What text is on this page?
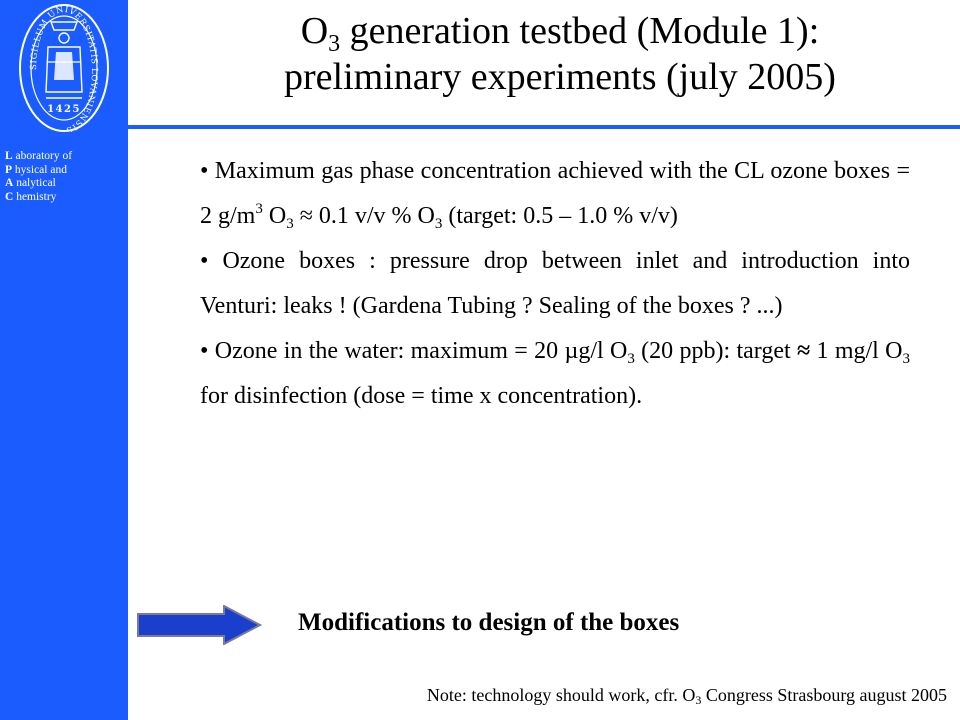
SIGILLUM UNIVERSITATIS LOVANIENSIS
1425
L aboratory of
P hysical and
A nalytical
C hemistry
$O_3$ generation testbed (Module 1):
preliminary experiments (july 2005)

• Maximum gas phase concentration achieved with the CL ozone boxes = 2 $g/m^3$ $O_3 \approx 0.1$ v/v % $O_3$ (target: 0.5 – 1.0 % v/v)

• Ozone boxes : pressure drop between inlet and introduction into Venturi: leaks ! (Gardena Tubing ? Sealing of the boxes ? ...)

• Ozone in the water: maximum = 20 µg/l $O_3$ (20 ppb): target ≈ 1 mg/l $O_3$ for disinfection (dose = time x concentration).

Modifications to design of the boxes
Note: technology should work, cfr. $O_3$ Congress Strasbourg august 2005
